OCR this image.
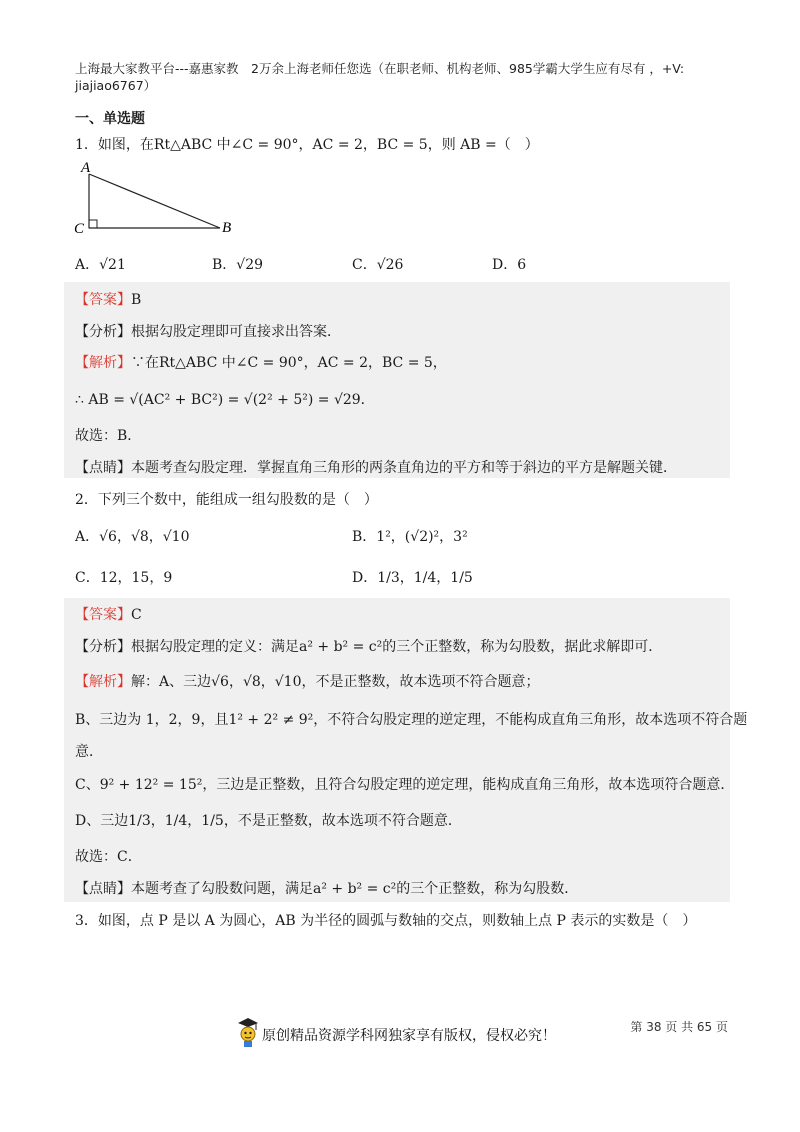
上海最大家教平台---嘉惠家教　2万余上海老师任您选（在职老师、机构老师、985学霸大学生应有尽有 ，+V:
jiajiao6767）
一、单选题
1．如图，在Rt△ABC 中∠C = 90°，AC = 2，BC = 5，则 AB =（　）
A
C	B
A．√21	B．√29	C．√26	D．6
【答案】B
【分析】根据勾股定理即可直接求出答案．
【解析】∵在Rt△ABC 中∠C = 90°，AC = 2，BC = 5，
∴ AB = √(AC² + BC²) = √(2² + 5²) = √29．
故选：B．
【点睛】本题考查勾股定理．掌握直角三角形的两条直角边的平方和等于斜边的平方是解题关键．
2．下列三个数中，能组成一组勾股数的是（　）
A．√6，√8，√10	B．1²，(√2)²，3²
C．12，15，9	D．1/3，1/4，1/5
【答案】C
【分析】根据勾股定理的定义：满足a² + b² = c²的三个正整数，称为勾股数，据此求解即可．
【解析】解：A、三边√6，√8，√10，不是正整数，故本选项不符合题意；
B、三边为 1，2，9，且1² + 2² ≠ 9²，不符合勾股定理的逆定理，不能构成直角三角形，故本选项不符合题
意．
C、9² + 12² = 15²，三边是正整数，且符合勾股定理的逆定理，能构成直角三角形，故本选项符合题意．
D、三边1/3，1/4，1/5，不是正整数，故本选项不符合题意．
故选：C．
【点睛】本题考查了勾股数问题，满足a² + b² = c²的三个正整数，称为勾股数．
3．如图，点 P 是以 A 为圆心，AB 为半径的圆弧与数轴的交点，则数轴上点 P 表示的实数是（　）
第 38 页 共 65 页
原创精品资源学科网独家享有版权，侵权必究！
